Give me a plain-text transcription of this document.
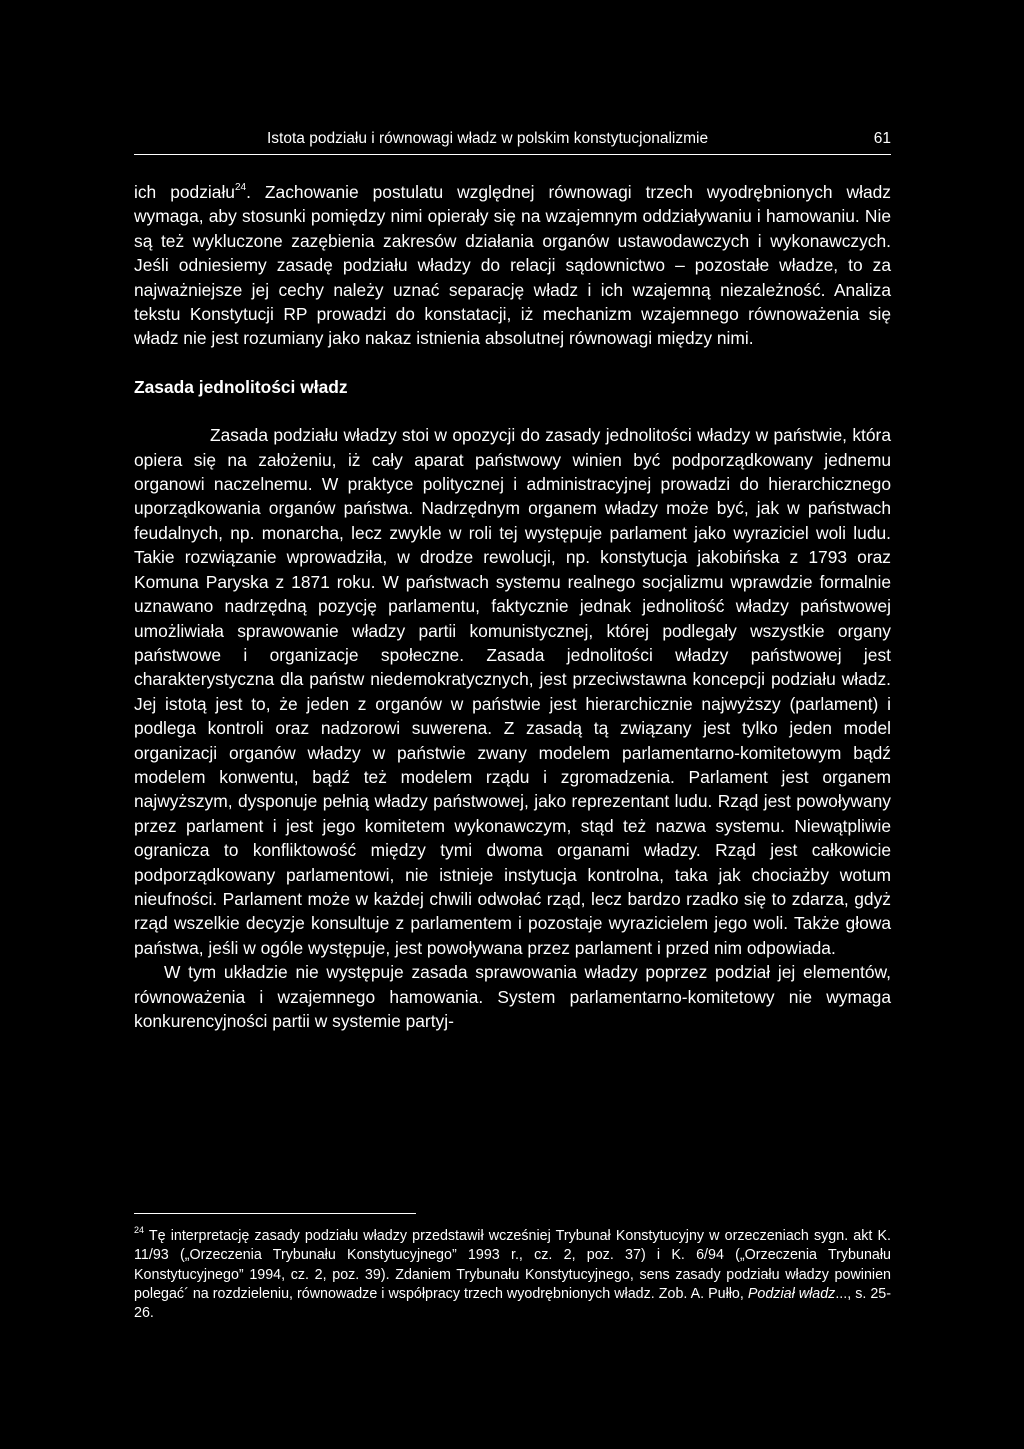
Istota podziału i równowagi władz w polskim konstytucjonalizmie	61

ich podziału$^{24}$. Zachowanie postulatu względnej równowagi trzech wyodrębnionych władz wymaga, aby stosunki pomiędzy nimi opierały się na wzajemnym oddziaływaniu i hamowaniu. Nie są też wykluczone zazębienia zakresów działania organów ustawodawczych i wykonawczych. Jeśli odniesiemy zasadę podziału władzy do relacji sądownictwo – pozostałe władze, to za najważniejsze jej cechy należy uznać separację władz i ich wzajemną niezależność. Analiza tekstu Konstytucji RP prowadzi do konstatacji, iż mechanizm wzajemnego równoważenia się władz nie jest rozumiany jako nakaz istnienia absolutnej równowagi między nimi.

Zasada jednolitości władz

Zasada podziału władzy stoi w opozycji do zasady jednolitości władzy w państwie, która opiera się na założeniu, iż cały aparat państwowy winien być podporządkowany jednemu organowi naczelnemu. W praktyce politycznej i administracyjnej prowadzi do hierarchicznego uporządkowania organów państwa. Nadrzędnym organem władzy może być, jak w państwach feudalnych, np. monarcha, lecz zwykle w roli tej występuje parlament jako wyraziciel woli ludu. Takie rozwiązanie wprowadziła, w drodze rewolucji, np. konstytucja jakobińska z 1793 oraz Komuna Paryska z 1871 roku. W państwach systemu realnego socjalizmu wprawdzie formalnie uznawano nadrzędną pozycję parlamentu, faktycznie jednak jednolitość władzy państwowej umożliwiała sprawowanie władzy partii komunistycznej, której podlegały wszystkie organy państwowe i organizacje społeczne. Zasada jednolitości władzy państwowej jest charakterystyczna dla państw niedemokratycznych, jest przeciwstawna koncepcji podziału władz. Jej istotą jest to, że jeden z organów w państwie jest hierarchicznie najwyższy (parlament) i podlega kontroli oraz nadzorowi suwerena. Z zasadą tą związany jest tylko jeden model organizacji organów władzy w państwie zwany modelem parlamentarno-komitetowym bądź modelem konwentu, bądź też modelem rządu i zgromadzenia. Parlament jest organem najwyższym, dysponuje pełnią władzy państwowej, jako reprezentant ludu. Rząd jest powoływany przez parlament i jest jego komitetem wykonawczym, stąd też nazwa systemu. Niewątpliwie ogranicza to konfliktowość między tymi dwoma organami władzy. Rząd jest całkowicie podporządkowany parlamentowi, nie istnieje instytucja kontrolna, taka jak chociażby wotum nieufności. Parlament może w każdej chwili odwołać rząd, lecz bardzo rzadko się to zdarza, gdyż rząd wszelkie decyzje konsultuje z parlamentem i pozostaje wyrazicielem jego woli. Także głowa państwa, jeśli w ogóle występuje, jest powoływana przez parlament i przed nim odpowiada.

W tym układzie nie występuje zasada sprawowania władzy poprzez podział jej elementów, równoważenia i wzajemnego hamowania. System parlamentarno-komitetowy nie wymaga konkurencyjności partii w systemie partyj-

$^{24}$ Tę interpretację zasady podziału władzy przedstawił wcześniej Trybunał Konstytucyjny w orzeczeniach sygn. akt K. 11/93 („Orzeczenia Trybunału Konstytucyjnego” 1993 r., cz. 2, poz. 37) i K. 6/94 („Orzeczenia Trybunału Konstytucyjnego” 1994, cz. 2, poz. 39). Zdaniem Trybunału Konstytucyjnego, sens zasady podziału władzy powinien polegać´ na rozdzieleniu, równowadze i współpracy trzech wyodrębnionych władz. Zob. A. Pułło, Podział władz..., s. 25-26.
